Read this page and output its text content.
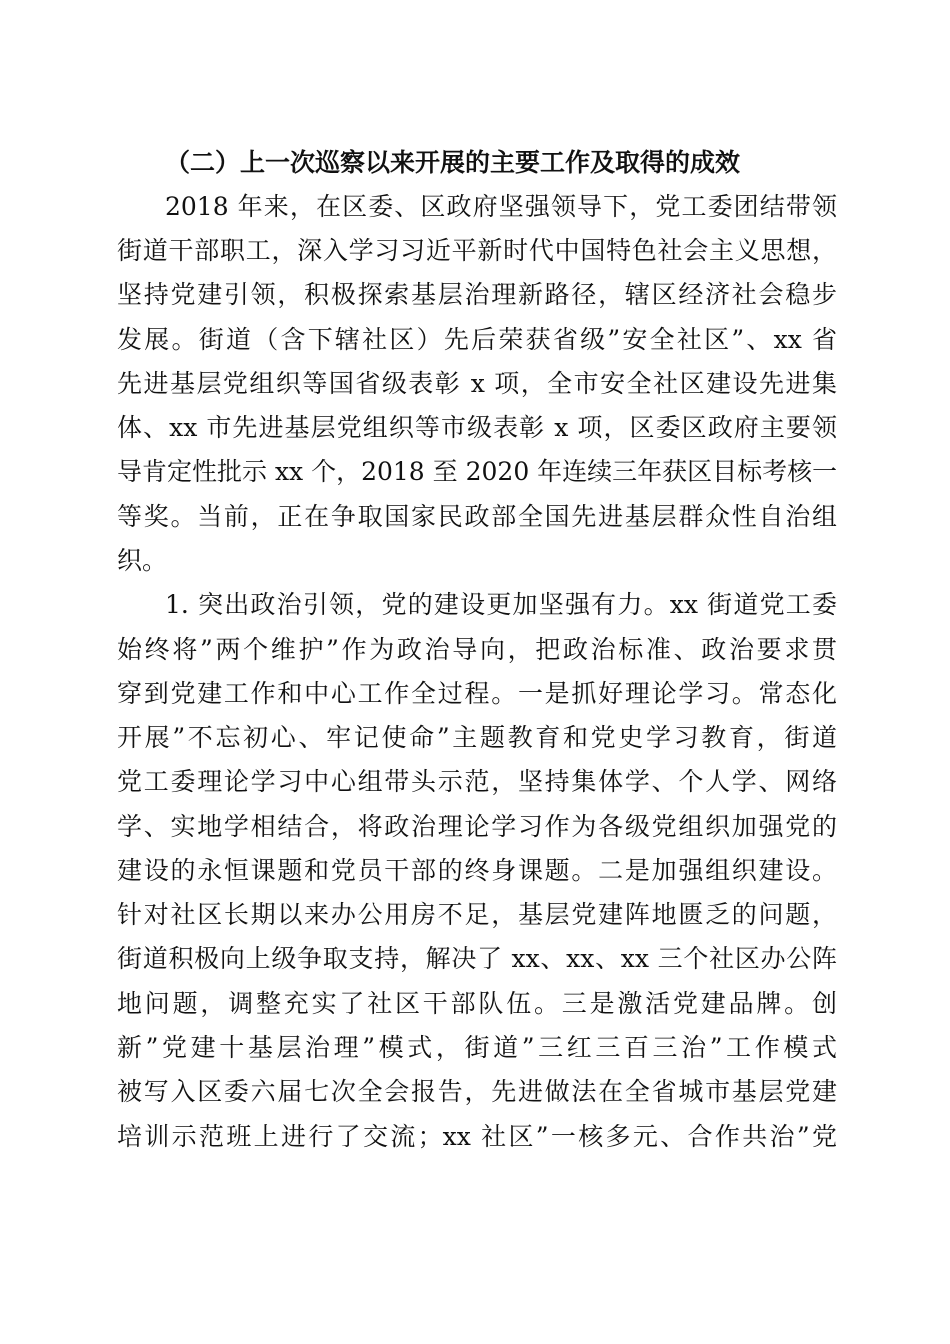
（二）上一次巡察以来开展的主要工作及取得的成效
2018 年来，在区委、区政府坚强领导下，党工委团结带领
街道干部职工，深入学习习近平新时代中国特色社会主义思想，
坚持党建引领，积极探索基层治理新路径，辖区经济社会稳步
发展。街道（含下辖社区）先后荣获省级”安全社区”、xx 省
先进基层党组织等国省级表彰 x 项，全市安全社区建设先进集
体、xx 市先进基层党组织等市级表彰 x 项，区委区政府主要领
导肯定性批示 xx 个，2018 至 2020 年连续三年获区目标考核一
等奖。当前，正在争取国家民政部全国先进基层群众性自治组
织。
1. 突出政治引领，党的建设更加坚强有力。xx 街道党工委
始终将”两个维护”作为政治导向，把政治标准、政治要求贯
穿到党建工作和中心工作全过程。一是抓好理论学习。常态化
开展”不忘初心、牢记使命”主题教育和党史学习教育，街道
党工委理论学习中心组带头示范，坚持集体学、个人学、网络
学、实地学相结合，将政治理论学习作为各级党组织加强党的
建设的永恒课题和党员干部的终身课题。二是加强组织建设。
针对社区长期以来办公用房不足，基层党建阵地匮乏的问题，
街道积极向上级争取支持，解决了 xx、xx、xx 三个社区办公阵
地问题，调整充实了社区干部队伍。三是激活党建品牌。创
新”党建十基层治理”模式，街道”三红三百三治”工作模式
被写入区委六届七次全会报告，先进做法在全省城市基层党建
培训示范班上进行了交流；xx 社区”一核多元、合作共治”党
